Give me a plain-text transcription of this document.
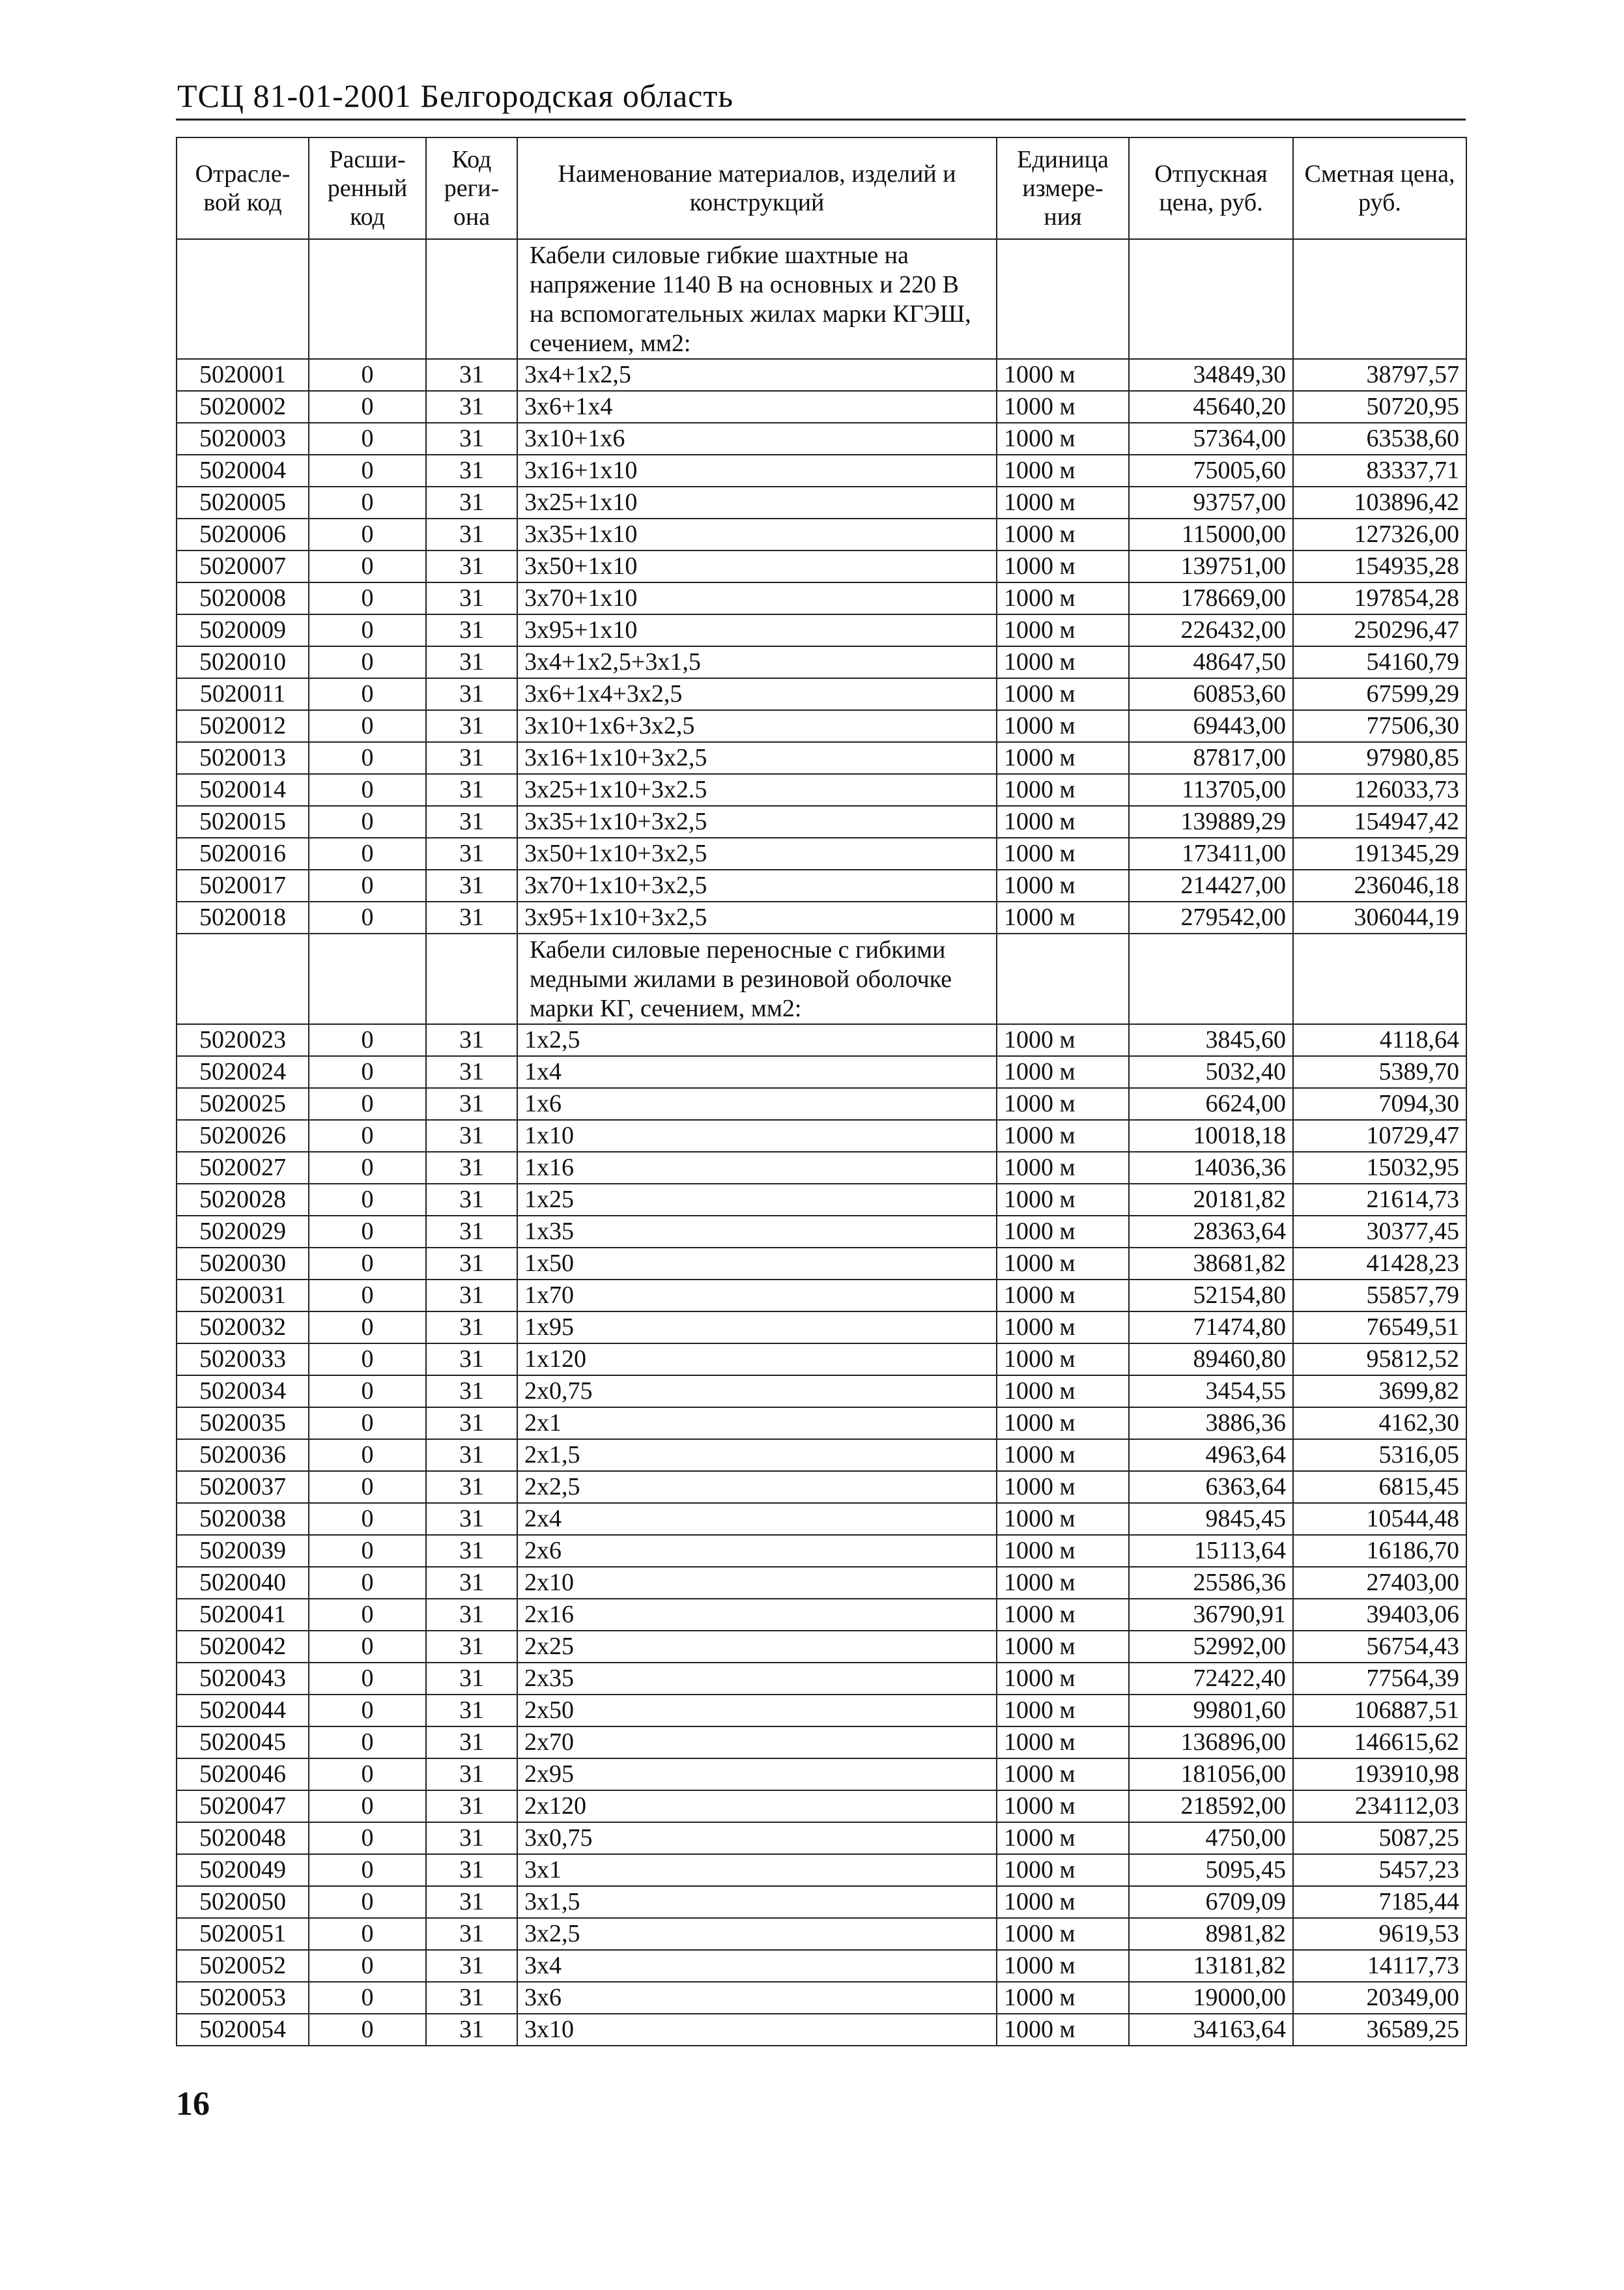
ТСЦ 81-01-2001 Белгородская область
Отрасле-вой код	Расши-ренный код	Код реги-она	Наименование материалов, изделий и конструкций	Единица измере-ния	Отпускная цена, руб.	Сметная цена, руб.
			Кабели силовые гибкие шахтные на напряжение 1140 В на основных и 220 В на вспомогательных жилах марки КГЭШ, сечением, мм2:			
5020001	0	31	3x4+1x2,5	1000 м	34849,30	38797,57
5020002	0	31	3x6+1x4	1000 м	45640,20	50720,95
5020003	0	31	3x10+1x6	1000 м	57364,00	63538,60
5020004	0	31	3x16+1x10	1000 м	75005,60	83337,71
5020005	0	31	3x25+1x10	1000 м	93757,00	103896,42
5020006	0	31	3x35+1x10	1000 м	115000,00	127326,00
5020007	0	31	3x50+1x10	1000 м	139751,00	154935,28
5020008	0	31	3x70+1x10	1000 м	178669,00	197854,28
5020009	0	31	3x95+1x10	1000 м	226432,00	250296,47
5020010	0	31	3x4+1x2,5+3x1,5	1000 м	48647,50	54160,79
5020011	0	31	3x6+1x4+3x2,5	1000 м	60853,60	67599,29
5020012	0	31	3x10+1x6+3x2,5	1000 м	69443,00	77506,30
5020013	0	31	3x16+1x10+3x2,5	1000 м	87817,00	97980,85
5020014	0	31	3x25+1x10+3x2.5	1000 м	113705,00	126033,73
5020015	0	31	3x35+1x10+3x2,5	1000 м	139889,29	154947,42
5020016	0	31	3x50+1x10+3x2,5	1000 м	173411,00	191345,29
5020017	0	31	3x70+1x10+3x2,5	1000 м	214427,00	236046,18
5020018	0	31	3x95+1x10+3x2,5	1000 м	279542,00	306044,19
			Кабели силовые переносные с гибкими медными жилами в резиновой оболочке марки КГ, сечением, мм2:			
5020023	0	31	1x2,5	1000 м	3845,60	4118,64
5020024	0	31	1x4	1000 м	5032,40	5389,70
5020025	0	31	1x6	1000 м	6624,00	7094,30
5020026	0	31	1x10	1000 м	10018,18	10729,47
5020027	0	31	1x16	1000 м	14036,36	15032,95
5020028	0	31	1x25	1000 м	20181,82	21614,73
5020029	0	31	1x35	1000 м	28363,64	30377,45
5020030	0	31	1x50	1000 м	38681,82	41428,23
5020031	0	31	1x70	1000 м	52154,80	55857,79
5020032	0	31	1x95	1000 м	71474,80	76549,51
5020033	0	31	1x120	1000 м	89460,80	95812,52
5020034	0	31	2x0,75	1000 м	3454,55	3699,82
5020035	0	31	2x1	1000 м	3886,36	4162,30
5020036	0	31	2x1,5	1000 м	4963,64	5316,05
5020037	0	31	2x2,5	1000 м	6363,64	6815,45
5020038	0	31	2x4	1000 м	9845,45	10544,48
5020039	0	31	2x6	1000 м	15113,64	16186,70
5020040	0	31	2x10	1000 м	25586,36	27403,00
5020041	0	31	2x16	1000 м	36790,91	39403,06
5020042	0	31	2x25	1000 м	52992,00	56754,43
5020043	0	31	2x35	1000 м	72422,40	77564,39
5020044	0	31	2x50	1000 м	99801,60	106887,51
5020045	0	31	2x70	1000 м	136896,00	146615,62
5020046	0	31	2x95	1000 м	181056,00	193910,98
5020047	0	31	2x120	1000 м	218592,00	234112,03
5020048	0	31	3x0,75	1000 м	4750,00	5087,25
5020049	0	31	3x1	1000 м	5095,45	5457,23
5020050	0	31	3x1,5	1000 м	6709,09	7185,44
5020051	0	31	3x2,5	1000 м	8981,82	9619,53
5020052	0	31	3x4	1000 м	13181,82	14117,73
5020053	0	31	3x6	1000 м	19000,00	20349,00
5020054	0	31	3x10	1000 м	34163,64	36589,25
16
